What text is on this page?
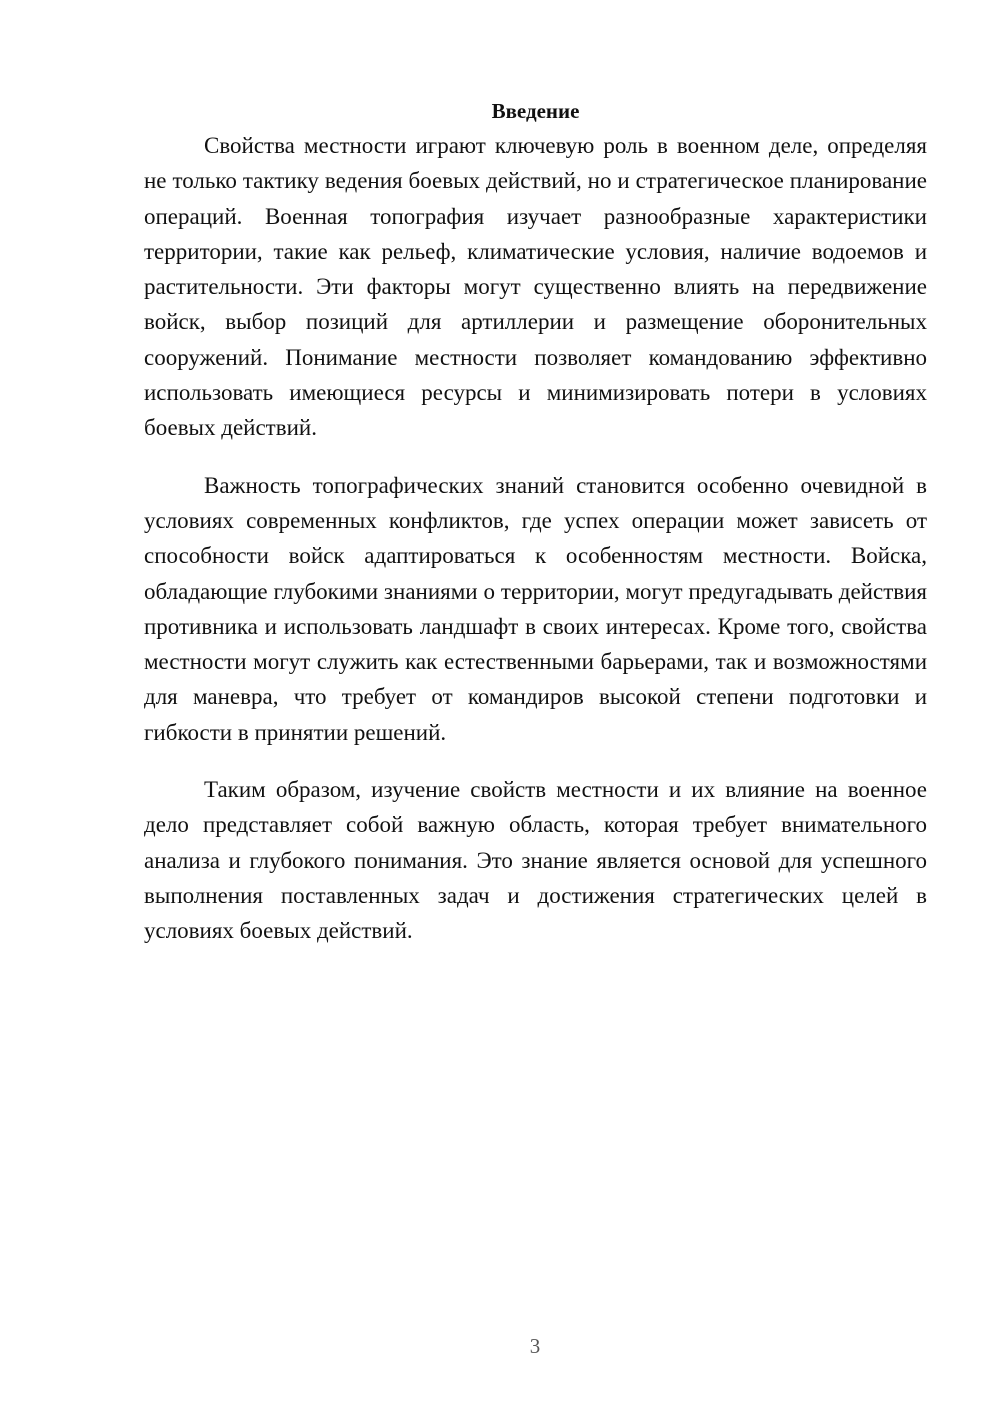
Введение

Свойства местности играют ключевую роль в военном деле, определяя не только тактику ведения боевых действий, но и стратегическое планирование операций. Военная топография изучает разнообразные характеристики территории, такие как рельеф, климатические условия, наличие водоемов и растительности. Эти факторы могут существенно влиять на передвижение войск, выбор позиций для артиллерии и размещение оборонительных сооружений. Понимание местности позволяет командованию эффективно использовать имеющиеся ресурсы и минимизировать потери в условиях боевых действий.

Важность топографических знаний становится особенно очевидной в условиях современных конфликтов, где успех операции может зависеть от способности войск адаптироваться к особенностям местности. Войска, обладающие глубокими знаниями о территории, могут предугадывать действия противника и использовать ландшафт в своих интересах. Кроме того, свойства местности могут служить как естественными барьерами, так и возможностями для маневра, что требует от командиров высокой степени подготовки и гибкости в принятии решений.

Таким образом, изучение свойств местности и их влияние на военное дело представляет собой важную область, которая требует внимательного анализа и глубокого понимания. Это знание является основой для успешного выполнения поставленных задач и достижения стратегических целей в условиях боевых действий.

3
